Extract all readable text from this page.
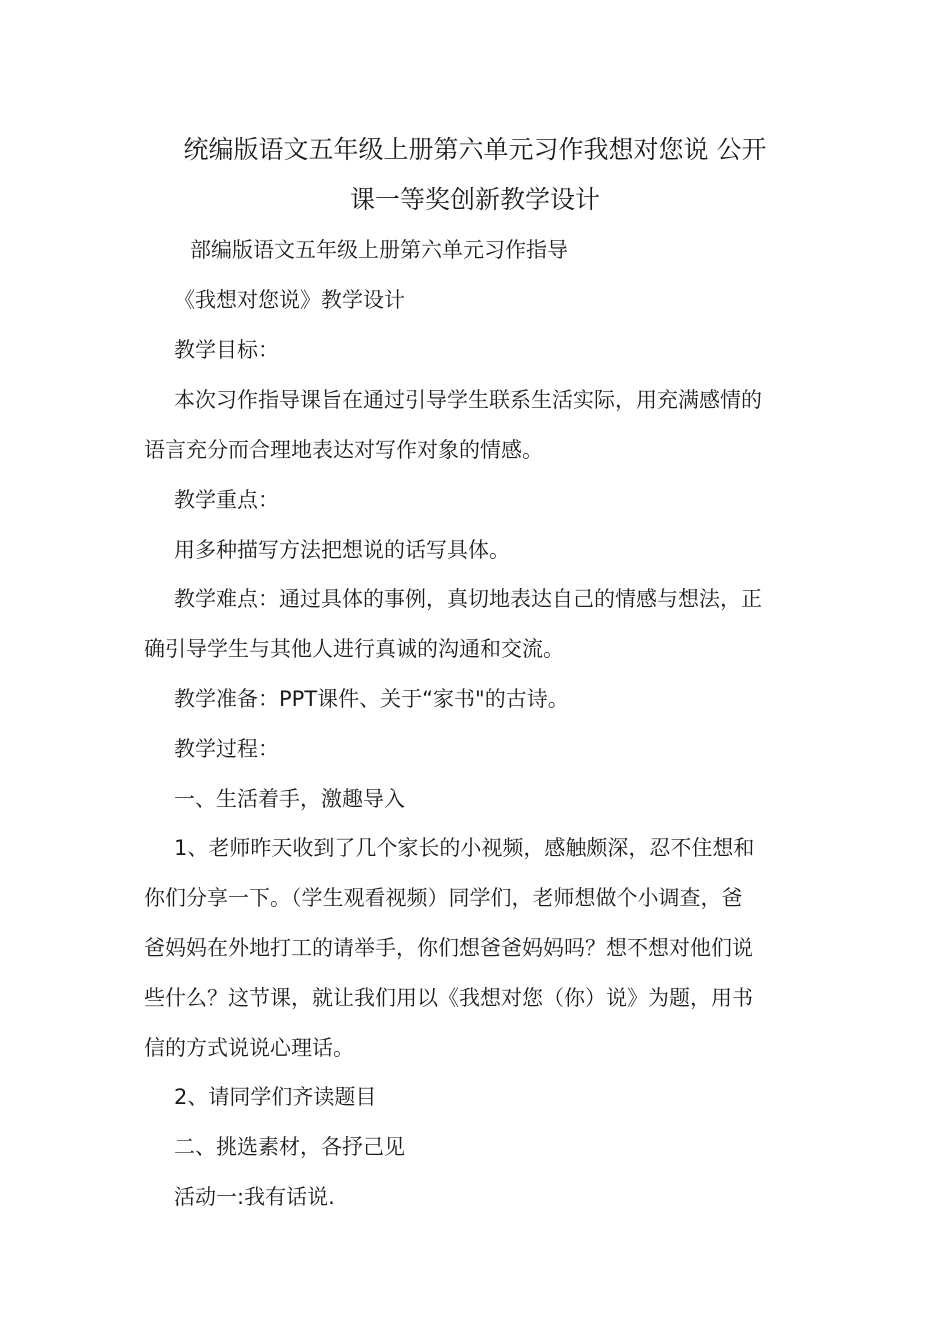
统编版语文五年级上册第六单元习作我想对您说 公开
课一等奖创新教学设计
部编版语文五年级上册第六单元习作指导
《我想对您说》教学设计
教学目标：
本次习作指导课旨在通过引导学生联系生活实际，用充满感情的
语言充分而合理地表达对写作对象的情感。
教学重点：
用多种描写方法把想说的话写具体。
教学难点：通过具体的事例，真切地表达自己的情感与想法，正
确引导学生与其他人进行真诚的沟通和交流。
教学准备：PPT课件、关于“家书"的古诗。
教学过程：
一、生活着手，激趣导入
1、老师昨天收到了几个家长的小视频，感触颇深，忍不住想和
你们分享一下。（学生观看视频）同学们，老师想做个小调查，爸
爸妈妈在外地打工的请举手，你们想爸爸妈妈吗？想不想对他们说
些什么？这节课，就让我们用以《我想对您（你）说》为题，用书
信的方式说说心理话。
2、请同学们齐读题目
二、挑选素材，各抒己见
活动一:我有话说.
